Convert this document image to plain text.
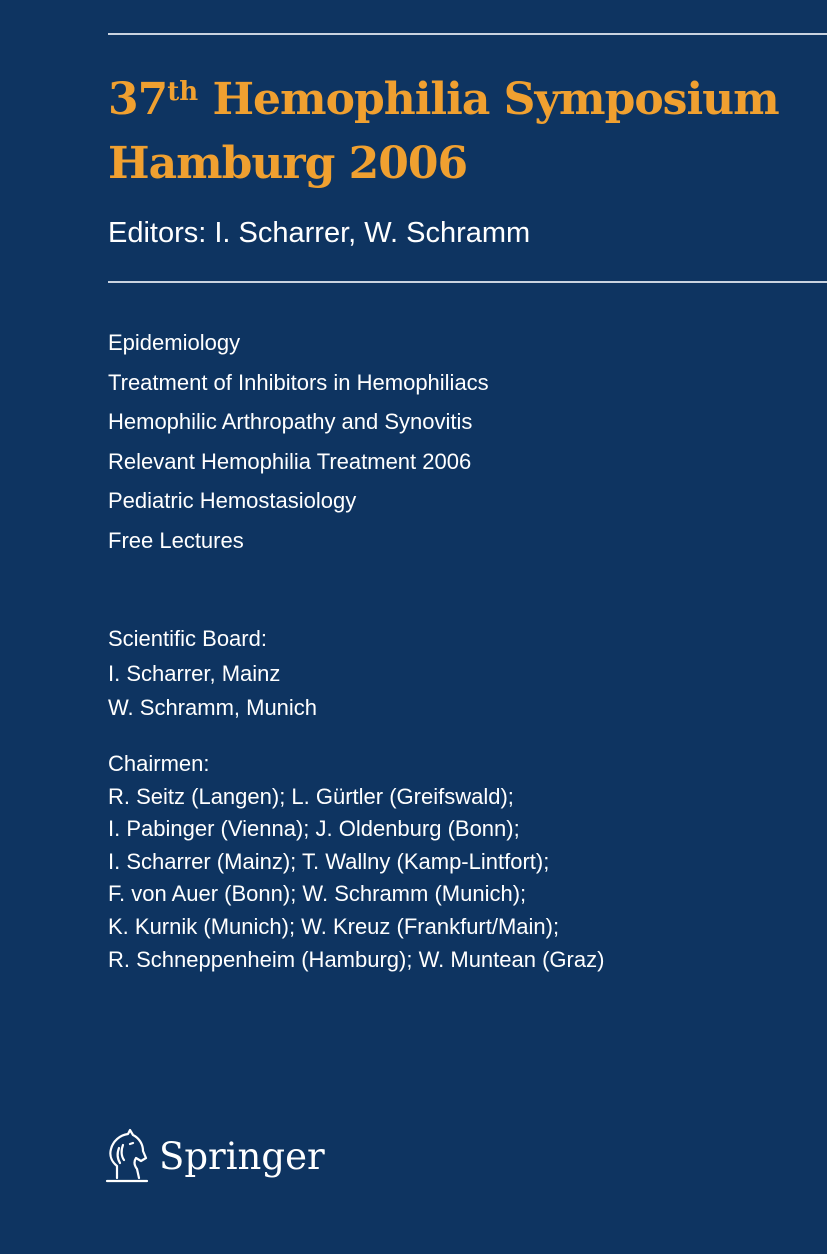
37th Hemophilia Symposium
Hamburg 2006
Editors: I. Scharrer, W. Schramm
Epidemiology
Treatment of Inhibitors in Hemophiliacs
Hemophilic Arthropathy and Synovitis
Relevant Hemophilia Treatment 2006
Pediatric Hemostasiology
Free Lectures
Scientific Board:
I. Scharrer, Mainz
W. Schramm, Munich
Chairmen:
R. Seitz (Langen); L. Gürtler (Greifswald);
I. Pabinger (Vienna); J. Oldenburg (Bonn);
I. Scharrer (Mainz); T. Wallny (Kamp-Lintfort);
F. von Auer (Bonn); W. Schramm (Munich);
K. Kurnik (Munich); W. Kreuz (Frankfurt/Main);
R. Schneppenheim (Hamburg); W. Muntean (Graz)
Springer
